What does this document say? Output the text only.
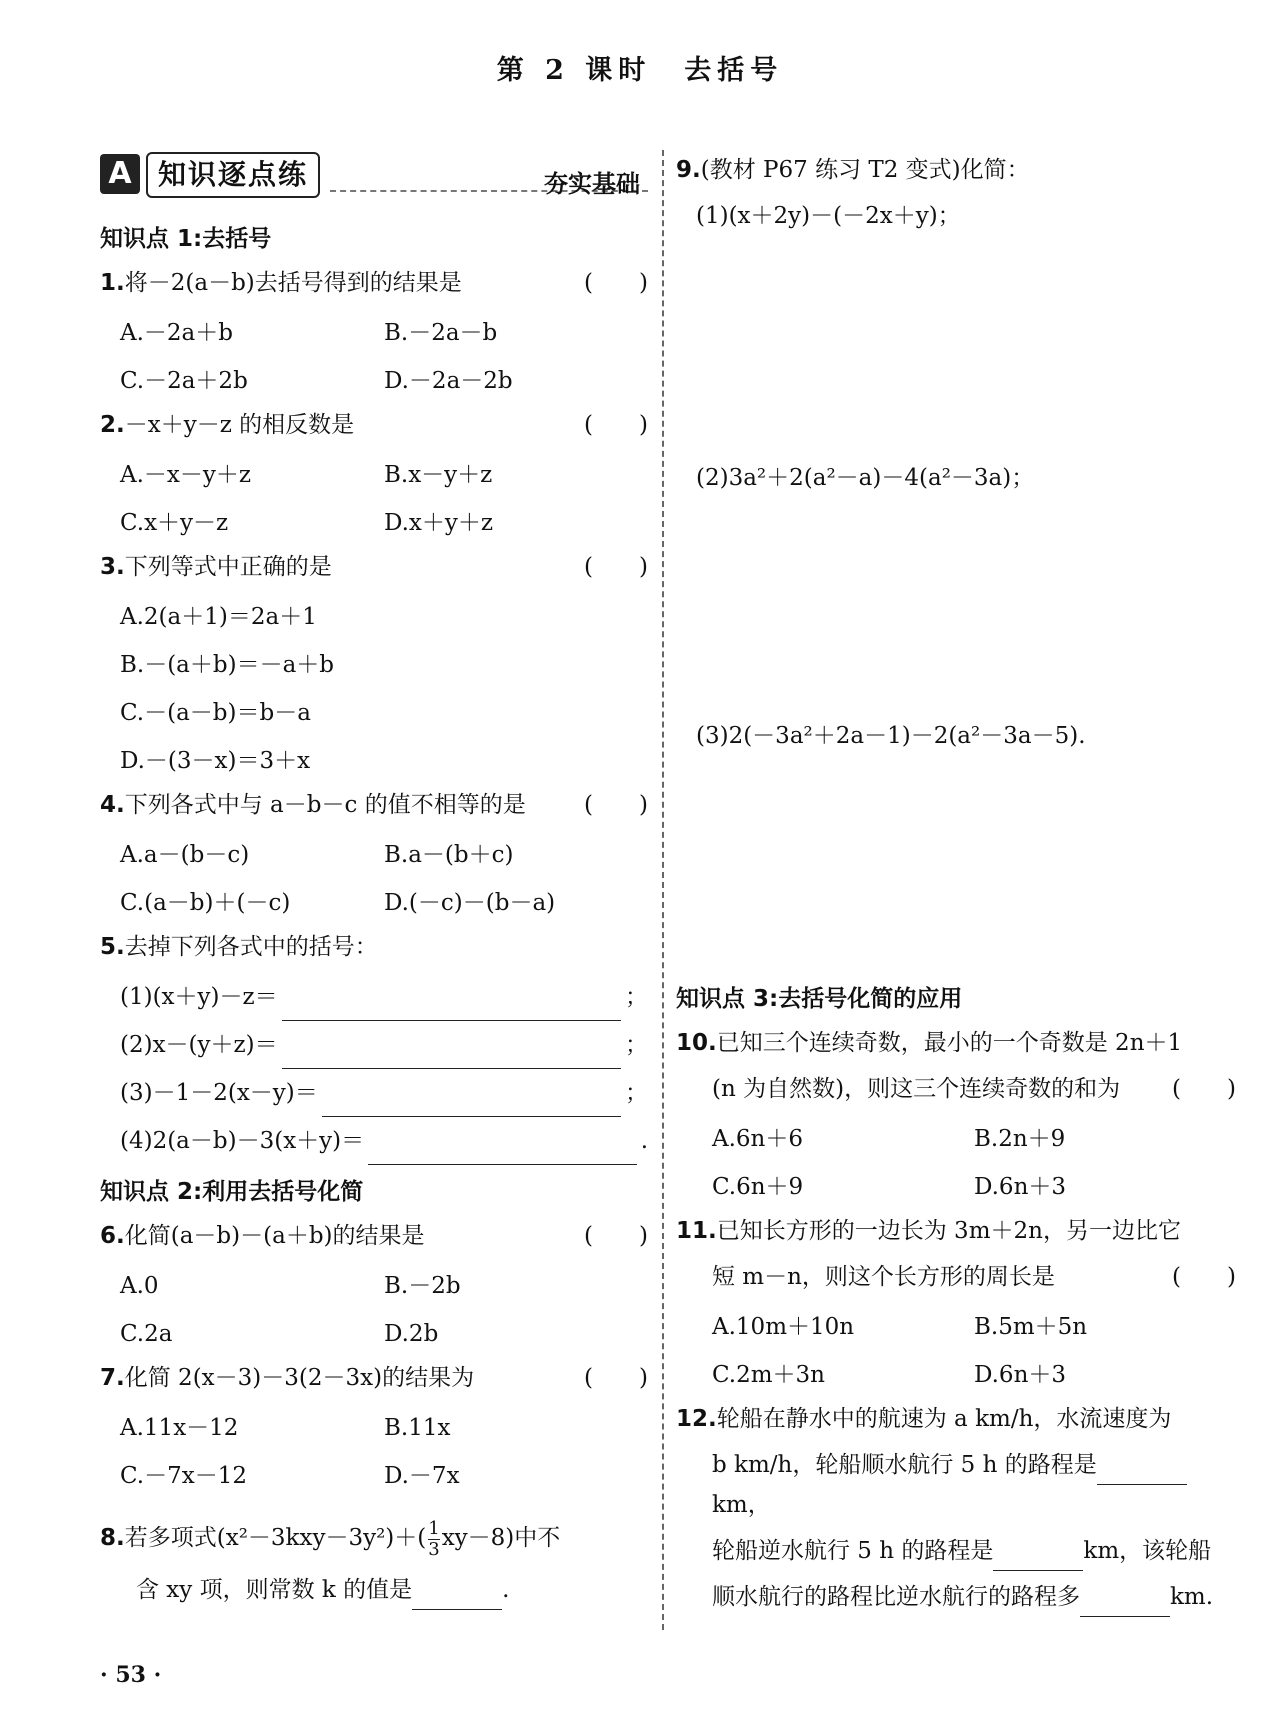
第 2 课时　去括号
A 知识逐点练	夯实基础
知识点 1:去括号
1.将－2(a－b)去括号得到的结果是	(　　)
A.－2a＋b	B.－2a－b
C.－2a＋2b	D.－2a－2b
2.－x＋y－z 的相反数是	(　　)
A.－x－y＋z	B.x－y＋z
C.x＋y－z	D.x＋y＋z
3.下列等式中正确的是	(　　)
A.2(a＋1)＝2a＋1
B.－(a＋b)＝－a＋b
C.－(a－b)＝b－a
D.－(3－x)＝3＋x
4.下列各式中与 a－b－c 的值不相等的是	(　　)
A.a－(b－c)	B.a－(b＋c)
C.(a－b)＋(－c)	D.(－c)－(b－a)
5.去掉下列各式中的括号：
(1)(x＋y)－z＝	；
(2)x－(y＋z)＝	；
(3)－1－2(x－y)＝	；
(4)2(a－b)－3(x＋y)＝	.
知识点 2:利用去括号化简
6.化简(a－b)－(a＋b)的结果是	(　　)
A.0	B.－2b
C.2a	D.2b
7.化简 2(x－3)－3(2－3x)的结果为	(　　)
A.11x－12	B.11x
C.－7x－12	D.－7x
8.若多项式$(x^2-3kxy-3y^2)+( \frac{1}{3} xy-8)$中不
含 xy 项，则常数 k 的值是	.
9.(教材 P67 练习 T2 变式)化简：
(1)(x＋2y)－(－2x＋y)；
(2)3a²＋2(a²－a)－4(a²－3a)；
(3)2(－3a²＋2a－1)－2(a²－3a－5).
知识点 3:去括号化简的应用
10.已知三个连续奇数，最小的一个奇数是 2n＋1
(n 为自然数)，则这三个连续奇数的和为 (　　)
A.6n＋6	B.2n＋9
C.6n＋9	D.6n＋3
11.已知长方形的一边长为 3m＋2n，另一边比它
短 m－n，则这个长方形的周长是	(　　)
A.10m＋10n	B.5m＋5n
C.2m＋3n	D.6n＋3
12.轮船在静水中的航速为 a km/h，水流速度为
b km/h，轮船顺水航行 5 h 的路程是km，
轮船逆水航行 5 h 的路程是	km，该轮船
顺水航行的路程比逆水航行的路程多	km.
· 53 ·
